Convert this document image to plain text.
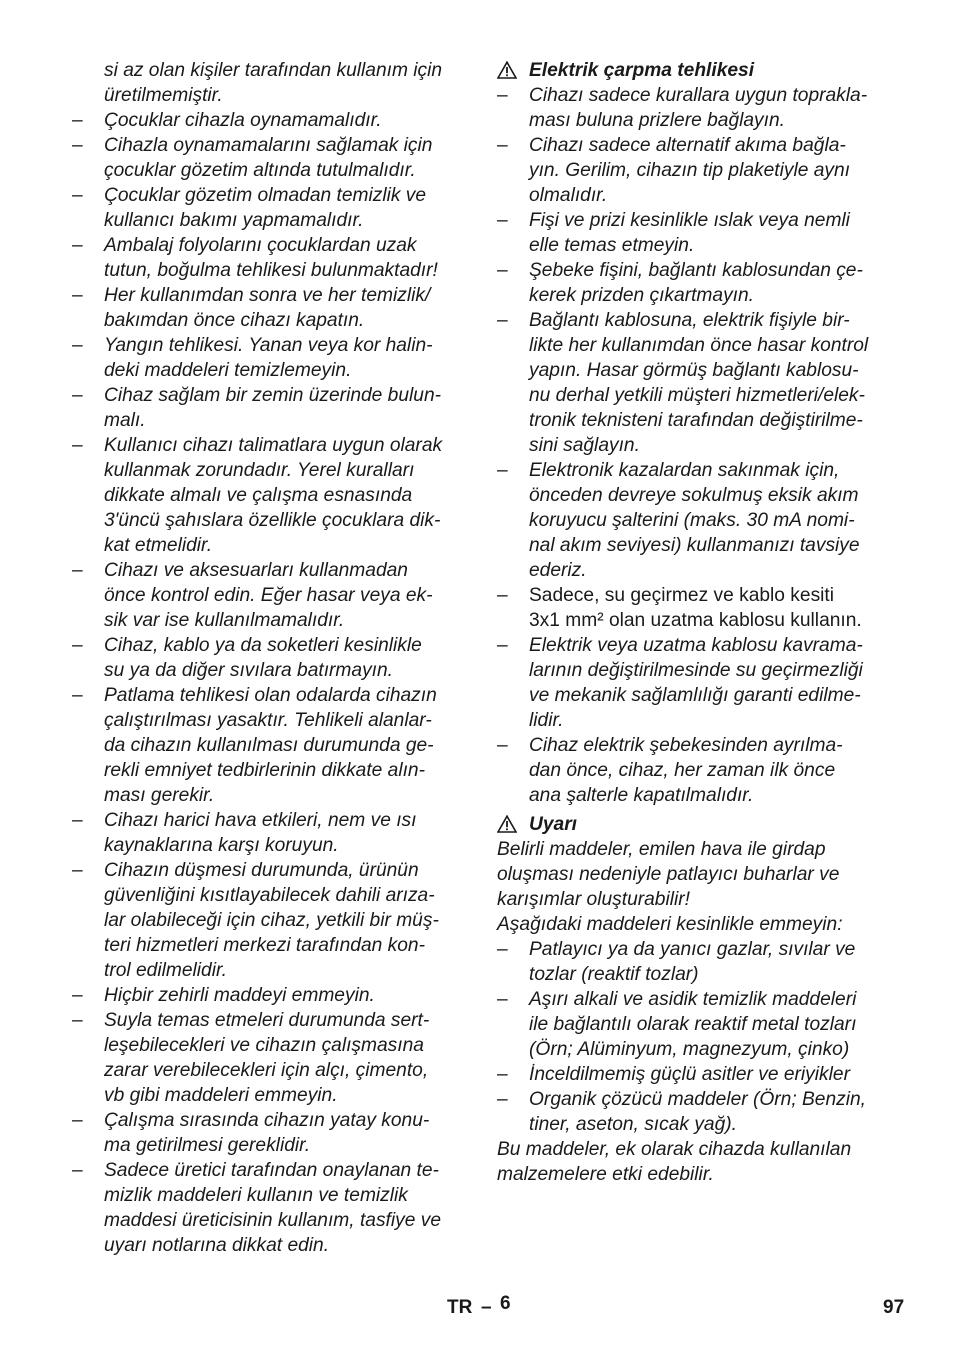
si az olan kişiler tarafından kullanım için
üretilmemiştir.
– Çocuklar cihazla oynamamalıdır.
– Cihazla oynamamalarını sağlamak için
çocuklar gözetim altında tutulmalıdır.
– Çocuklar gözetim olmadan temizlik ve
kullanıcı bakımı yapmamalıdır.
– Ambalaj folyolarını çocuklardan uzak
tutun, boğulma tehlikesi bulunmaktadır!
– Her kullanımdan sonra ve her temizlik/
bakımdan önce cihazı kapatın.
– Yangın tehlikesi. Yanan veya kor halin-
deki maddeleri temizlemeyin.
– Cihaz sağlam bir zemin üzerinde bulun-
malı.
– Kullanıcı cihazı talimatlara uygun olarak
kullanmak zorundadır. Yerel kuralları
dikkate almalı ve çalışma esnasında
3'üncü şahıslara özellikle çocuklara dik-
kat etmelidir.
– Cihazı ve aksesuarları kullanmadan
önce kontrol edin. Eğer hasar veya ek-
sik var ise kullanılmamalıdır.
– Cihaz, kablo ya da soketleri kesinlikle
su ya da diğer sıvılara batırmayın.
– Patlama tehlikesi olan odalarda cihazın
çalıştırılması yasaktır. Tehlikeli alanlar-
da cihazın kullanılması durumunda ge-
rekli emniyet tedbirlerinin dikkate alın-
ması gerekir.
– Cihazı harici hava etkileri, nem ve ısı
kaynaklarına karşı koruyun.
– Cihazın düşmesi durumunda, ürünün
güvenliğini kısıtlayabilecek dahili arıza-
lar olabileceği için cihaz, yetkili bir müş-
teri hizmetleri merkezi tarafından kon-
trol edilmelidir.
– Hiçbir zehirli maddeyi emmeyin.
– Suyla temas etmeleri durumunda sert-
leşebilecekleri ve cihazın çalışmasına
zarar verebilecekleri için alçı, çimento,
vb gibi maddeleri emmeyin.
– Çalışma sırasında cihazın yatay konu-
ma getirilmesi gereklidir.
– Sadece üretici tarafından onaylanan te-
mizlik maddeleri kullanın ve temizlik
maddesi üreticisinin kullanım, tasfiye ve
uyarı notlarına dikkat edin.
Elektrik çarpma tehlikesi
– Cihazı sadece kurallara uygun toprakla-
ması buluna prizlere bağlayın.
– Cihazı sadece alternatif akıma bağla-
yın. Gerilim, cihazın tip plaketiyle aynı
olmalıdır.
– Fişi ve prizi kesinlikle ıslak veya nemli
elle temas etmeyin.
– Şebeke fişini, bağlantı kablosundan çe-
kerek prizden çıkartmayın.
– Bağlantı kablosuna, elektrik fişiyle bir-
likte her kullanımdan önce hasar kontrol
yapın. Hasar görmüş bağlantı kablosu-
nu derhal yetkili müşteri hizmetleri/elek-
tronik teknisteni tarafından değiştirilme-
sini sağlayın.
– Elektronik kazalardan sakınmak için,
önceden devreye sokulmuş eksik akım
koruyucu şalterini (maks. 30 mA nomi-
nal akım seviyesi) kullanmanızı tavsiye
ederiz.
– Sadece, su geçirmez ve kablo kesiti
3x1 mm² olan uzatma kablosu kullanın.
– Elektrik veya uzatma kablosu kavrama-
larının değiştirilmesinde su geçirmezliği
ve mekanik sağlamlılığı garanti edilme-
lidir.
– Cihaz elektrik şebekesinden ayrılma-
dan önce, cihaz, her zaman ilk önce
ana şalterle kapatılmalıdır.
Uyarı
Belirli maddeler, emilen hava ile girdap
oluşması nedeniyle patlayıcı buharlar ve
karışımlar oluşturabilir!
Aşağıdaki maddeleri kesinlikle emmeyin:
– Patlayıcı ya da yanıcı gazlar, sıvılar ve
tozlar (reaktif tozlar)
– Aşırı alkali ve asidik temizlik maddeleri
ile bağlantılı olarak reaktif metal tozları
(Örn; Alüminyum, magnezyum, çinko)
– İnceldilmemiş güçlü asitler ve eriyikler
– Organik çözücü maddeler (Örn; Benzin,
tiner, aseton, sıcak yağ).
Bu maddeler, ek olarak cihazda kullanılan
malzemelere etki edebilir.
TR – 6	97
